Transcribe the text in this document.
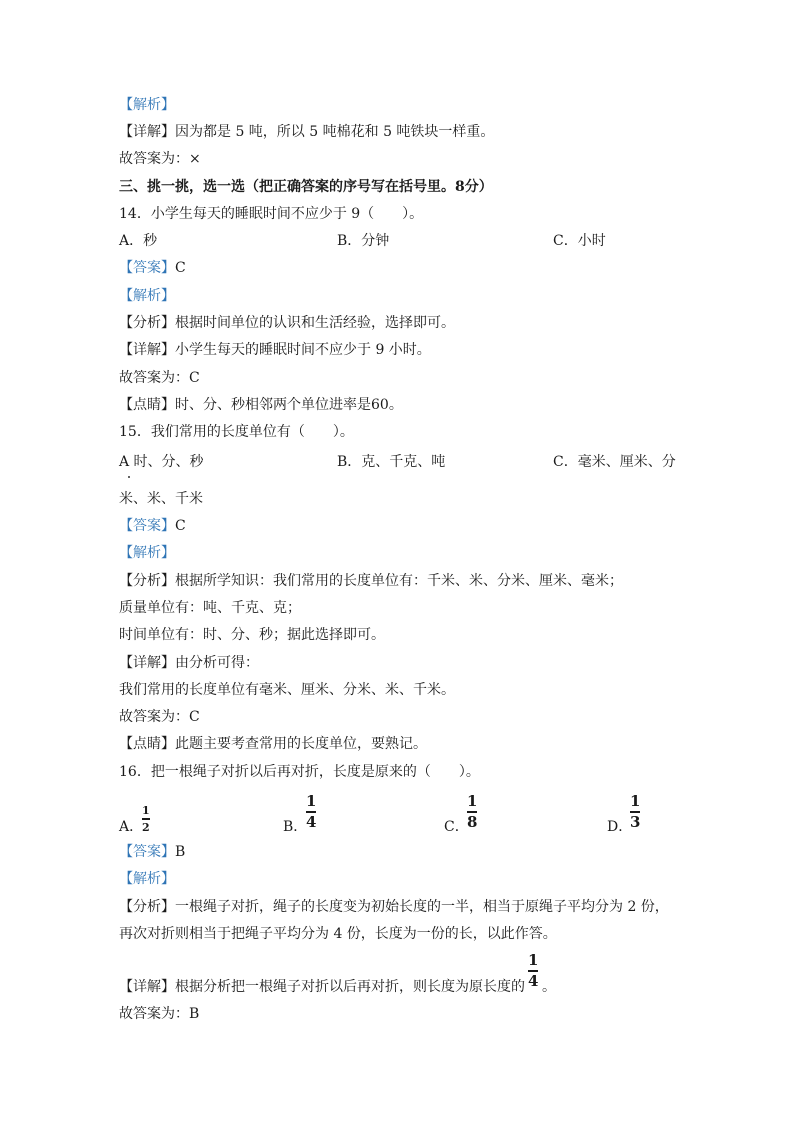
【解析】
【详解】因为都是 5 吨，所以 5 吨棉花和 5 吨铁块一样重。
故答案为：×
三、挑一挑，选一选（把正确答案的序号写在括号里。8分）
14．小学生每天的睡眠时间不应少于 9（　　）。
A．秒	B．分钟	C．小时
【答案】C
【解析】
【分析】根据时间单位的认识和生活经验，选择即可。
【详解】小学生每天的睡眠时间不应少于 9 小时。
故答案为：C
【点睛】时、分、秒相邻两个单位进率是60。
15．我们常用的长度单位有（　　）。
A 时、分、秒	B．克、千克、吨	C．毫米、厘米、分
米、米、千米
【答案】C
【解析】
【分析】根据所学知识：我们常用的长度单位有：千米、米、分米、厘米、毫米；
质量单位有：吨、千克、克；
时间单位有：时、分、秒；据此选择即可。
【详解】由分析可得：
我们常用的长度单位有毫米、厘米、分米、米、千米。
故答案为：C
【点睛】此题主要考查常用的长度单位，要熟记。
16．把一根绳子对折以后再对折，长度是原来的（　　）。
A．
1
2	B．
1
4	C．
1
8	D．
1
3
【答案】B
【解析】
【分析】一根绳子对折，绳子的长度变为初始长度的一半，相当于原绳子平均分为 2 份，
再次对折则相当于把绳子平均分为 4 份，长度为一份的长，以此作答。
【详解】根据分析把一根绳子对折以后再对折，则长度为原长度的
1
4 。
故答案为：B
